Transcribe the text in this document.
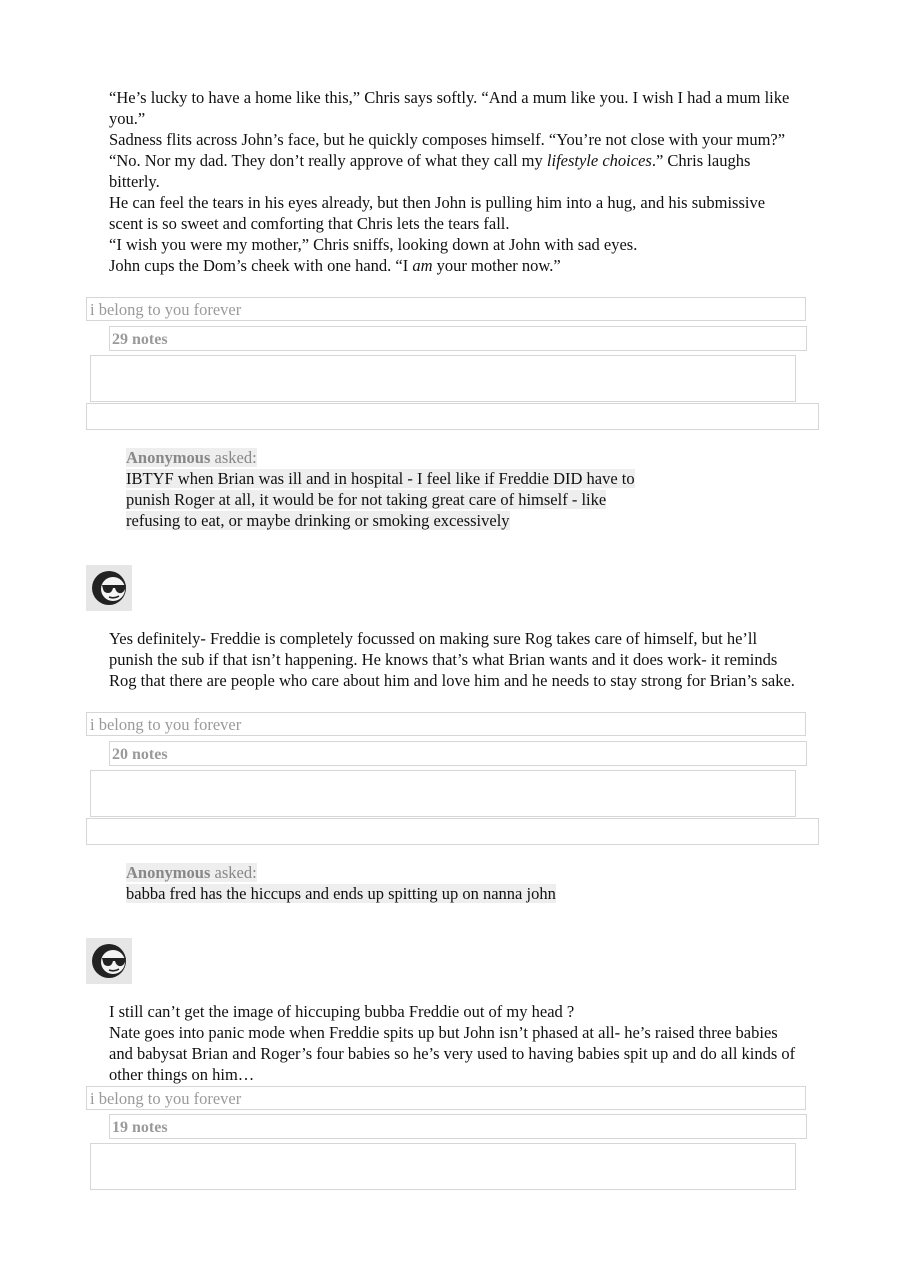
“He’s lucky to have a home like this,” Chris says softly. “And a mum like you. I wish I had a mum like you.”

Sadness flits across John’s face, but he quickly composes himself. “You’re not close with your mum?”

“No. Nor my dad. They don’t really approve of what they call my lifestyle choices.” Chris laughs bitterly.

He can feel the tears in his eyes already, but then John is pulling him into a hug, and his submissive scent is so sweet and comforting that Chris lets the tears fall.

“I wish you were my mother,” Chris sniffs, looking down at John with sad eyes.

John cups the Dom’s cheek with one hand. “I am your mother now.”

i belong to you forever
29 notes
Anonymous asked:
IBTYF when Brian was ill and in hospital - I feel like if Freddie DID have to
punish Roger at all, it would be for not taking great care of himself - like
refusing to eat, or maybe drinking or smoking excessively

Yes definitely- Freddie is completely focussed on making sure Rog takes care of himself, but he’ll punish the sub if that isn’t happening. He knows that’s what Brian wants and it does work- it reminds Rog that there are people who care about him and love him and he needs to stay strong for Brian’s sake.

i belong to you forever
20 notes
Anonymous asked:
babba fred has the hiccups and ends up spitting up on nanna john

I still can’t get the image of hiccuping bubba Freddie out of my head ?

Nate goes into panic mode when Freddie spits up but John isn’t phased at all- he’s raised three babies and babysat Brian and Roger’s four babies so he’s very used to having babies spit up and do all kinds of other things on him…

i belong to you forever
19 notes
